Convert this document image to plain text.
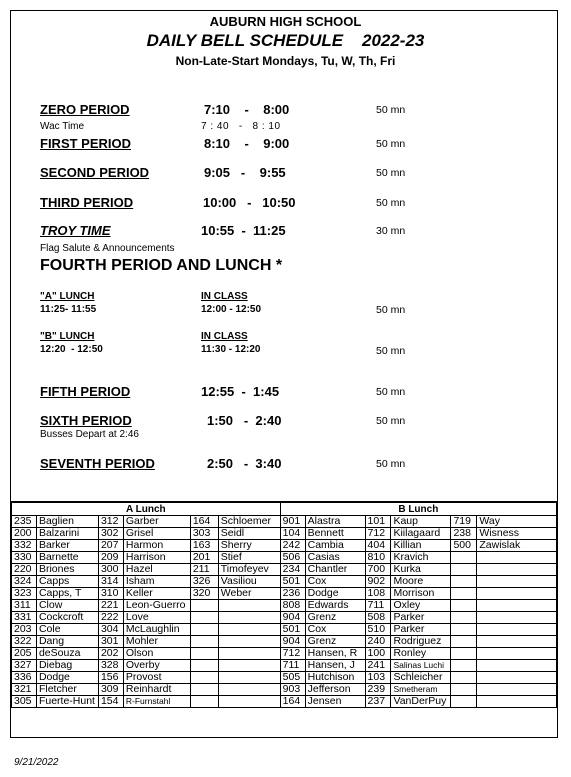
AUBURN HIGH SCHOOL
DAILY BELL SCHEDULE 2022-23
Non-Late-Start Mondays, Tu, W, Th, Fri
ZERO PERIOD	7:10    -    8:00	50 mn
Wac Time	7 : 40   -   8 : 10
FIRST PERIOD	8:10    -    9:00	50 mn
SECOND PERIOD	9:05   -    9:55	50 mn
THIRD PERIOD	10:00   -   10:50	50 mn
TROY TIME	10:55  -  11:25	30 mn
Flag Salute & Announcements
FOURTH PERIOD AND LUNCH *
"A" LUNCH
11:25- 11:55
IN CLASS
12:00 - 12:50	50 mn
"B" LUNCH
12:20  - 12:50
IN CLASS
11:30 - 12:20	50 mn
FIFTH PERIOD	12:55  -  1:45	50 mn
SIXTH PERIOD	1:50   -  2:40	50 mn
Busses Depart at 2:46
SEVENTH PERIOD	2:50   -  3:40	50 mn
A Lunch						B Lunch					
235	Baglien	312	Garber	164	Schloemer	901	Alastra	101	Kaup	719	Way
200	Balzarini	302	Grisel	303	Seidl	104	Bennett	712	Kiilagaard	238	Wisness
332	Barker	207	Harmon	163	Sherry	242	Cambia	404	Killian	500	Zawislak
330	Barnette	209	Harrison	201	Stief	506	Casias	810	Kravich		
220	Briones	300	Hazel	211	Timofeyev	234	Chantler	700	Kurka		
324	Capps	314	Isham	326	Vasiliou	501	Cox	902	Moore		
323	Capps, T	310	Keller	320	Weber	236	Dodge	108	Morrison		
311	Clow	221	Leon-Guerro			808	Edwards	711	Oxley		
331	Cockcroft	222	Love			904	Grenz	508	Parker		
203	Cole	304	McLaughlin			501	Cox	510	Parker		
322	Dang	301	Mohler			904	Grenz	240	Rodriguez		
205	deSouza	202	Olson			712	Hansen, R	100	Ronley		
327	Diebag	328	Overby			711	Hansen, J	241	Salinas Luchi		
336	Dodge	156	Provost			505	Hutchison	103	Schleicher		
321	Fletcher	309	Reinhardt			903	Jefferson	239	Smetheram		
305	Fuerte-Hunt	154	R-Furnstahl			164	Jensen	237	VanDerPuy		
9/21/2022
